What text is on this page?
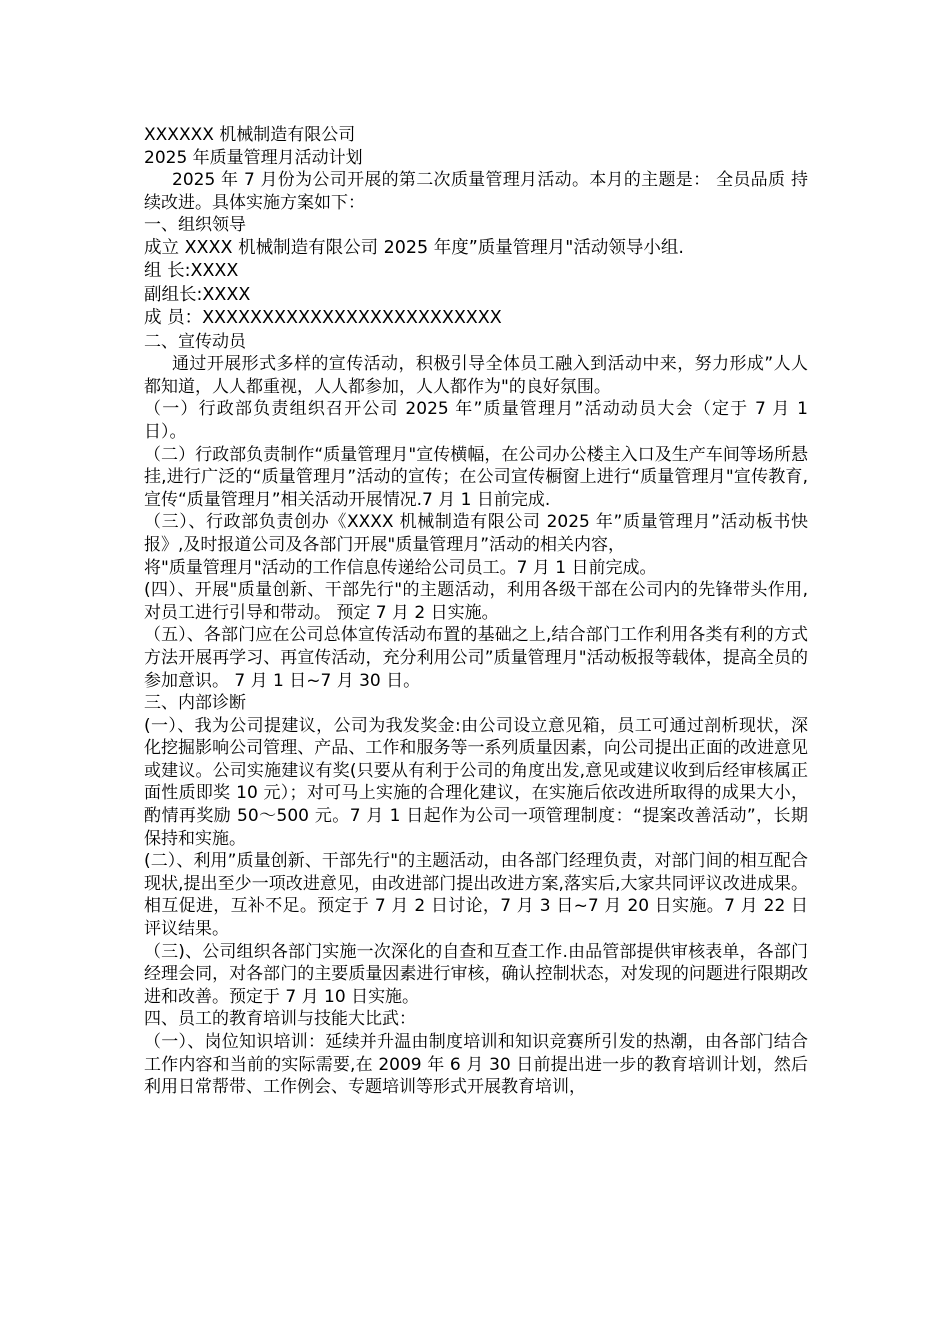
XXXXXX 机械制造有限公司

2025 年质量管理月活动计划

2025 年 7 月份为公司开展的第二次质量管理月活动。本月的主题是： 全员品质 持续改进。具体实施方案如下：

一、组织领导

成立 XXXX 机械制造有限公司 2025 年度”质量管理月"活动领导小组.

组 长:XXXX

副组长:XXXX

成 员：XXXXXXXXXXXXXXXXXXXXXXXXX

二、宣传动员

通过开展形式多样的宣传活动，积极引导全体员工融入到活动中来，努力形成”人人都知道，人人都重视，人人都参加，人人都作为"的良好氛围。

（一）行政部负责组织召开公司 2025 年”质量管理月”活动动员大会（定于 7 月 1 日）。

（二）行政部负责制作“质量管理月"宣传横幅，在公司办公楼主入口及生产车间等场所悬挂,进行广泛的“质量管理月”活动的宣传；在公司宣传橱窗上进行“质量管理月"宣传教育,宣传“质量管理月”相关活动开展情况.7 月 1 日前完成.

（三）、行政部负责创办《XXXX 机械制造有限公司 2025 年”质量管理月”活动板书快报》,及时报道公司及各部门开展"质量管理月”活动的相关内容，

将"质量管理月"活动的工作信息传递给公司员工。7 月 1 日前完成。

(四）、开展"质量创新、干部先行"的主题活动，利用各级干部在公司内的先锋带头作用,对员工进行引导和带动。 预定 7 月 2 日实施。

（五）、各部门应在公司总体宣传活动布置的基础之上,结合部门工作利用各类有利的方式方法开展再学习、再宣传活动，充分利用公司”质量管理月"活动板报等载体，提高全员的参加意识。 7 月 1 日~7 月 30 日。

三、内部诊断

(一）、我为公司提建议，公司为我发奖金:由公司设立意见箱，员工可通过剖析现状，深化挖掘影响公司管理、产品、工作和服务等一系列质量因素，向公司提出正面的改进意见或建议。公司实施建议有奖(只要从有利于公司的角度出发,意见或建议收到后经审核属正面性质即奖 10 元）；对可马上实施的合理化建议，在实施后依改进所取得的成果大小，酌情再奖励 50～500 元。7 月 1 日起作为公司一项管理制度：“提案改善活动”，长期保持和实施。

(二）、利用”质量创新、干部先行"的主题活动，由各部门经理负责，对部门间的相互配合现状,提出至少一项改进意见，由改进部门提出改进方案,落实后,大家共同评议改进成果。相互促进，互补不足。预定于 7 月 2 日讨论，7 月 3 日~7 月 20 日实施。7 月 22 日评议结果。

（三)、公司组织各部门实施一次深化的自查和互查工作.由品管部提供审核表单，各部门经理会同，对各部门的主要质量因素进行审核，确认控制状态，对发现的问题进行限期改进和改善。预定于 7 月 10 日实施。

四、员工的教育培训与技能大比武：

（一）、岗位知识培训：延续并升温由制度培训和知识竞赛所引发的热潮，由各部门结合工作内容和当前的实际需要,在 2009 年 6 月 30 日前提出进一步的教育培训计划，然后利用日常帮带、工作例会、专题培训等形式开展教育培训，
